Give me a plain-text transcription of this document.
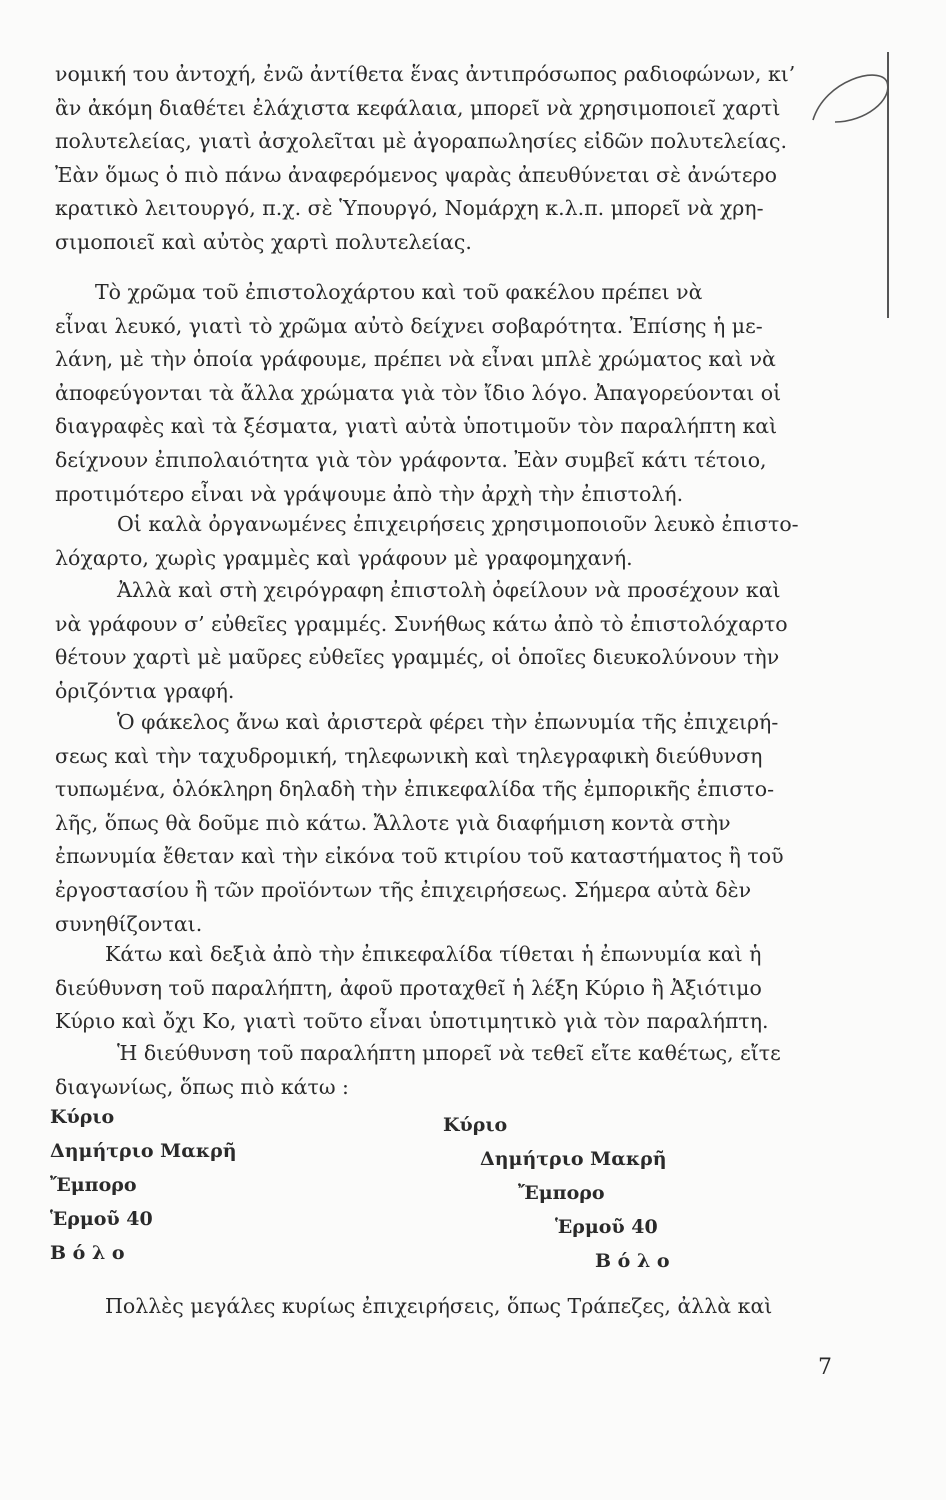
νομική του ἀντοχή, ἐνῶ ἀντίθετα ἕνας ἀντιπρόσωπος ραδιοφώνων, κι’
ἂν ἀκόμη διαθέτει ἐλάχιστα κεφάλαια, μπορεῖ νὰ χρησιμοποιεῖ χαρτὶ
πολυτελείας, γιατὶ ἀσχολεῖται μὲ ἀγοραπωλησίες εἰδῶν πολυτελείας.
Ἐὰν ὅμως ὁ πιὸ πάνω ἀναφερόμενος ψαρὰς ἀπευθύνεται σὲ ἀνώτερο
κρατικὸ λειτουργό, π.χ. σὲ Ὑπουργό, Νομάρχη κ.λ.π. μπορεῖ νὰ χρη-
σιμοποιεῖ καὶ αὐτὸς χαρτὶ πολυτελείας.

Τὸ χρῶμα τοῦ ἐπιστολοχάρτου καὶ τοῦ φακέλου πρέπει νὰ
εἶναι λευκό, γιατὶ τὸ χρῶμα αὐτὸ δείχνει σοβαρότητα. Ἐπίσης ἡ με-
λάνη, μὲ τὴν ὁποία γράφουμε, πρέπει νὰ εἶναι μπλὲ χρώματος καὶ νὰ
ἀποφεύγονται τὰ ἄλλα χρώματα γιὰ τὸν ἴδιο λόγο. Ἀπαγορεύονται οἱ
διαγραφὲς καὶ τὰ ξέσματα, γιατὶ αὐτὰ ὑποτιμοῦν τὸν παραλήπτη καὶ
δείχνουν ἐπιπολαιότητα γιὰ τὸν γράφοντα. Ἐὰν συμβεῖ κάτι τέτοιο,
προτιμότερο εἶναι νὰ γράψουμε ἀπὸ τὴν ἀρχὴ τὴν ἐπιστολή.

Οἱ καλὰ ὀργανωμένες ἐπιχειρήσεις χρησιμοποιοῦν λευκὸ ἐπιστο-
λόχαρτο, χωρὶς γραμμὲς καὶ γράφουν μὲ γραφομηχανή.

Ἀλλὰ καὶ στὴ χειρόγραφη ἐπιστολὴ ὀφείλουν νὰ προσέχουν καὶ
νὰ γράφουν σ’ εὐθεῖες γραμμές. Συνήθως κάτω ἀπὸ τὸ ἐπιστολόχαρτο
θέτουν χαρτὶ μὲ μαῦρες εὐθεῖες γραμμές, οἱ ὁποῖες διευκολύνουν τὴν
ὁριζόντια γραφή.

Ὁ φάκελος ἄνω καὶ ἀριστερὰ φέρει τὴν ἐπωνυμία τῆς ἐπιχειρή-
σεως καὶ τὴν ταχυδρομική, τηλεφωνικὴ καὶ τηλεγραφικὴ διεύθυνση
τυπωμένα, ὁλόκληρη δηλαδὴ τὴν ἐπικεφαλίδα τῆς ἐμπορικῆς ἐπιστο-
λῆς, ὅπως θὰ δοῦμε πιὸ κάτω. Ἄλλοτε γιὰ διαφήμιση κοντὰ στὴν
ἐπωνυμία ἔθεταν καὶ τὴν εἰκόνα τοῦ κτιρίου τοῦ καταστήματος ἢ τοῦ
ἐργοστασίου ἢ τῶν προϊόντων τῆς ἐπιχειρήσεως. Σήμερα αὐτὰ δὲν
συνηθίζονται.

Κάτω καὶ δεξιὰ ἀπὸ τὴν ἐπικεφαλίδα τίθεται ἡ ἐπωνυμία καὶ ἡ
διεύθυνση τοῦ παραλήπτη, ἀφοῦ προταχθεῖ ἡ λέξη Κύριο ἢ Ἀξιότιμο
Κύριο καὶ ὄχι Κο, γιατὶ τοῦτο εἶναι ὑποτιμητικὸ γιὰ τὸν παραλήπτη.

Ἡ διεύθυνση τοῦ παραλήπτη μπορεῖ νὰ τεθεῖ εἴτε καθέτως, εἴτε
διαγωνίως, ὅπως πιὸ κάτω :

Κύριο
Δημήτριο Μακρῆ
Ἔμπορο
Ἑρμοῦ 40
Β ό λ ο
Κύριο
Δημήτριο Μακρῆ
Ἔμπορο
Ἑρμοῦ 40
Β ό λ ο

Πολλὲς μεγάλες κυρίως ἐπιχειρήσεις, ὅπως Τράπεζες, ἀλλὰ καὶ

7
